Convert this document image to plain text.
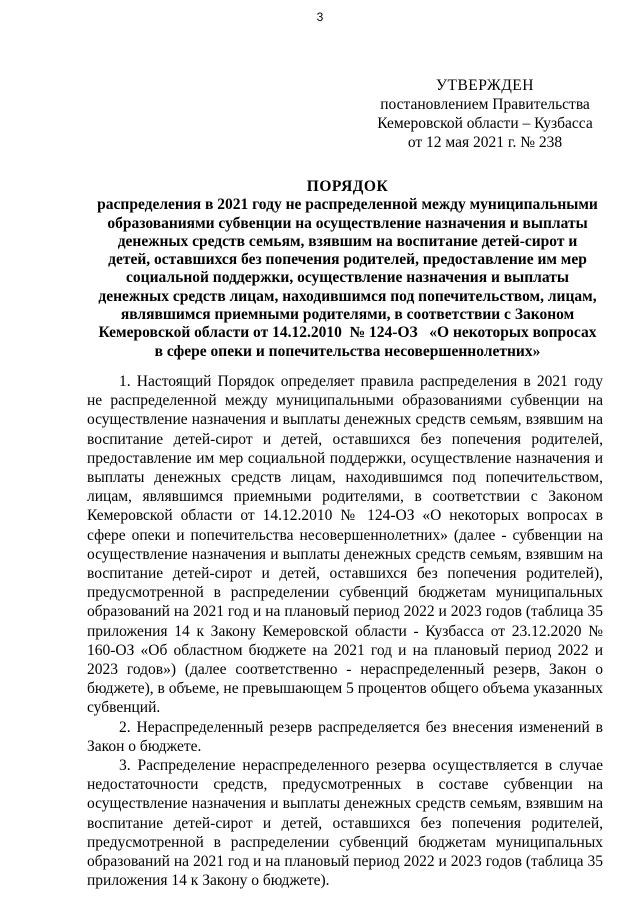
3
УТВЕРЖДЕН
постановлением Правительства
Кемеровской области – Кузбасса
от 12 мая 2021 г. № 238
ПОРЯДОК
распределения в 2021 году не распределенной между муниципальными образованиями субвенции на осуществление назначения и выплаты денежных средств семьям, взявшим на воспитание детей-сирот и детей, оставшихся без попечения родителей, предоставление им мер социальной поддержки, осуществление назначения и выплаты денежных средств лицам, находившимся под попечительством, лицам, являвшимся приемными родителями, в соответствии с Законом Кемеровской области от 14.12.2010  № 124-ОЗ   «О некоторых вопросах в сфере опеки и попечительства несовершеннолетних»

1. Настоящий Порядок определяет правила распределения в 2021 году не распределенной между муниципальными образованиями субвенции на осуществление назначения и выплаты денежных средств семьям, взявшим на воспитание детей-сирот и детей, оставшихся без попечения родителей, предоставление им мер социальной поддержки, осуществление назначения и выплаты денежных средств лицам, находившимся под попечительством, лицам, являвшимся приемными родителями, в соответствии с Законом Кемеровской области от 14.12.2010 № 124-ОЗ «О некоторых вопросах в сфере опеки и попечительства несовершеннолетних» (далее - субвенции на осуществление назначения и выплаты денежных средств семьям, взявшим на воспитание детей-сирот и детей, оставшихся без попечения родителей), предусмотренной в распределении субвенций бюджетам муниципальных образований на 2021 год и на плановый период 2022 и 2023 годов (таблица 35 приложения 14 к Закону Кемеровской области - Кузбасса от 23.12.2020 № 160-ОЗ «Об областном бюджете на 2021 год и на плановый период 2022 и 2023 годов») (далее соответственно - нераспределенный резерв, Закон о бюджете), в объеме, не превышающем 5 процентов общего объема указанных субвенций.

2. Нераспределенный резерв распределяется без внесения изменений в Закон о бюджете.

3. Распределение нераспределенного резерва осуществляется в случае недостаточности средств, предусмотренных в составе субвенции на осуществление назначения и выплаты денежных средств семьям, взявшим на воспитание детей-сирот и детей, оставшихся без попечения родителей, предусмотренной в распределении субвенций бюджетам муниципальных образований на 2021 год и на плановый период 2022 и 2023 годов (таблица 35 приложения 14 к Закону о бюджете).
